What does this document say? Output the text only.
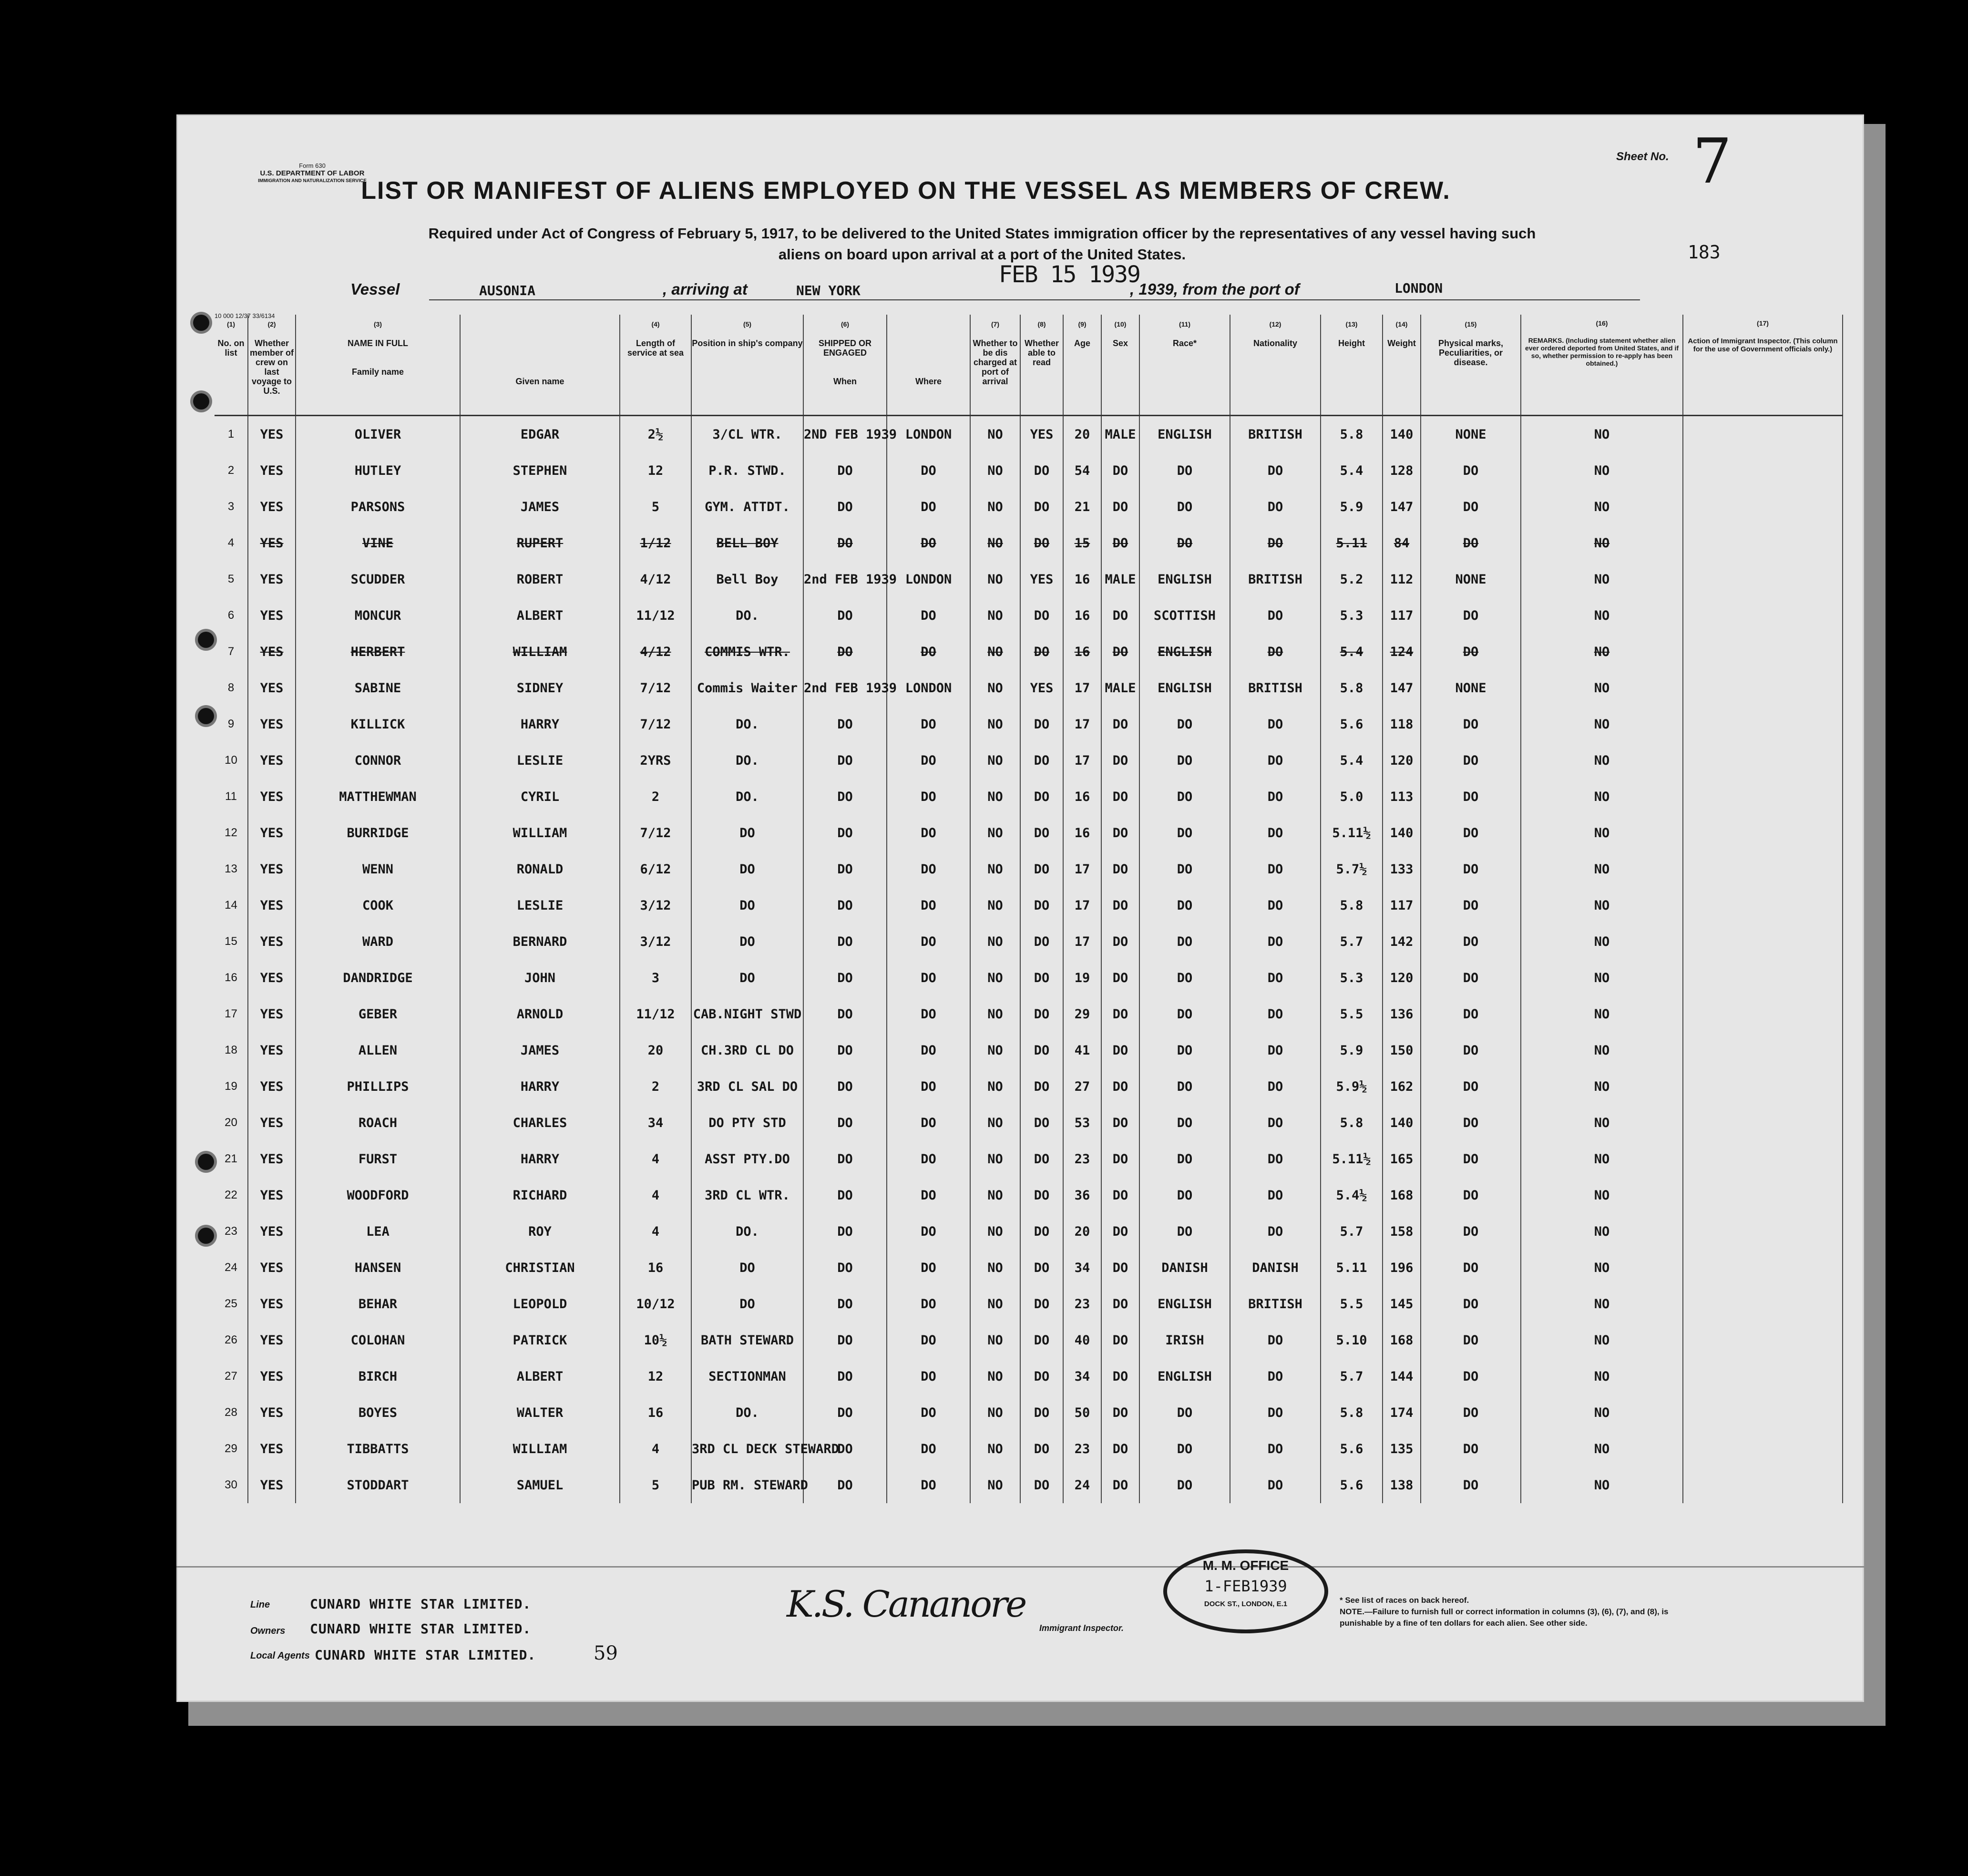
Form 630
U.S. DEPARTMENT OF LABOR
IMMIGRATION AND NATURALIZATION SERVICE
LIST OR MANIFEST OF ALIENS EMPLOYED ON THE VESSEL AS MEMBERS OF CREW.
Required under Act of Congress of February 5, 1917, to be delivered to the United States immigration officer by the representatives of any vessel having such
aliens on board upon arrival at a port of the United States.
Sheet No. 7
183
FEB 15 1939
Vessel	AUSONIA	, arriving at	NEW YORK	, 1939, from the port of	LONDON
10 000 12/37 33/6134
(1)
No. on list	(2)
Whether member of crew on last voyage to U.S.	(3)
NAME IN FULL

Family name	Given name	(4)
Length of service at sea	(5)
Position in ship's company	(6)
SHIPPED OR ENGAGED

When	Where	(7)
Whether to be dis charged at port of arrival	(8)
Whether able to read	(9)
Age	(10)
Sex	(11)
Race*	(12)
Nationality	(13)
Height	(14)
Weight	(15)
Physical marks, Peculiarities, or disease.	(16)
REMARKS. (Including statement whether alien ever ordered deported from United States, and if so, whether permission to re-apply has been obtained.)	(17)
Action of Immigrant Inspector. (This column for the use of Government officials only.)
1	YES	OLIVER	EDGAR	2½	3/CL WTR.	2ND FEB 1939	LONDON	NO	YES	20	MALE	ENGLISH	BRITISH	5.8	140	NONE	NO	
2	YES	HUTLEY	STEPHEN	12	P.R. STWD.	DO	DO	NO	DO	54	DO	DO	DO	5.4	128	DO	NO	
3	YES	PARSONS	JAMES	5	GYM. ATTDT.	DO	DO	NO	DO	21	DO	DO	DO	5.9	147	DO	NO	
4	YES	VINE	RUPERT	1/12	BELL BOY	DO	DO	NO	DO	15	DO	DO	DO	5.11	84	DO	NO	
5	YES	SCUDDER	ROBERT	4/12	Bell Boy	2nd FEB 1939	LONDON	NO	YES	16	MALE	ENGLISH	BRITISH	5.2	112	NONE	NO	
6	YES	MONCUR	ALBERT	11/12	DO.	DO	DO	NO	DO	16	DO	SCOTTISH	DO	5.3	117	DO	NO	
7	YES	HERBERT	WILLIAM	4/12	COMMIS WTR.	DO	DO	NO	DO	16	DO	ENGLISH	DO	5.4	124	DO	NO	
8	YES	SABINE	SIDNEY	7/12	Commis Waiter	2nd FEB 1939	LONDON	NO	YES	17	MALE	ENGLISH	BRITISH	5.8	147	NONE	NO	
9	YES	KILLICK	HARRY	7/12	DO.	DO	DO	NO	DO	17	DO	DO	DO	5.6	118	DO	NO	
10	YES	CONNOR	LESLIE	2YRS	DO.	DO	DO	NO	DO	17	DO	DO	DO	5.4	120	DO	NO	
11	YES	MATTHEWMAN	CYRIL	2	DO.	DO	DO	NO	DO	16	DO	DO	DO	5.0	113	DO	NO	
12	YES	BURRIDGE	WILLIAM	7/12	DO	DO	DO	NO	DO	16	DO	DO	DO	5.11½	140	DO	NO	
13	YES	WENN	RONALD	6/12	DO	DO	DO	NO	DO	17	DO	DO	DO	5.7½	133	DO	NO	
14	YES	COOK	LESLIE	3/12	DO	DO	DO	NO	DO	17	DO	DO	DO	5.8	117	DO	NO	
15	YES	WARD	BERNARD	3/12	DO	DO	DO	NO	DO	17	DO	DO	DO	5.7	142	DO	NO	
16	YES	DANDRIDGE	JOHN	3	DO	DO	DO	NO	DO	19	DO	DO	DO	5.3	120	DO	NO	
17	YES	GEBER	ARNOLD	11/12	CAB.NIGHT STWD	DO	DO	NO	DO	29	DO	DO	DO	5.5	136	DO	NO	
18	YES	ALLEN	JAMES	20	CH.3RD CL DO	DO	DO	NO	DO	41	DO	DO	DO	5.9	150	DO	NO	
19	YES	PHILLIPS	HARRY	2	3RD CL SAL DO	DO	DO	NO	DO	27	DO	DO	DO	5.9½	162	DO	NO	
20	YES	ROACH	CHARLES	34	DO PTY STD	DO	DO	NO	DO	53	DO	DO	DO	5.8	140	DO	NO	
21	YES	FURST	HARRY	4	ASST PTY.DO	DO	DO	NO	DO	23	DO	DO	DO	5.11½	165	DO	NO	
22	YES	WOODFORD	RICHARD	4	3RD CL WTR.	DO	DO	NO	DO	36	DO	DO	DO	5.4½	168	DO	NO	
23	YES	LEA	ROY	4	DO.	DO	DO	NO	DO	20	DO	DO	DO	5.7	158	DO	NO	
24	YES	HANSEN	CHRISTIAN	16	DO	DO	DO	NO	DO	34	DO	DANISH	DANISH	5.11	196	DO	NO	
25	YES	BEHAR	LEOPOLD	10/12	DO	DO	DO	NO	DO	23	DO	ENGLISH	BRITISH	5.5	145	DO	NO	
26	YES	COLOHAN	PATRICK	10½	BATH STEWARD	DO	DO	NO	DO	40	DO	IRISH	DO	5.10	168	DO	NO	
27	YES	BIRCH	ALBERT	12	SECTIONMAN	DO	DO	NO	DO	34	DO	ENGLISH	DO	5.7	144	DO	NO	
28	YES	BOYES	WALTER	16	DO.	DO	DO	NO	DO	50	DO	DO	DO	5.8	174	DO	NO	
29	YES	TIBBATTS	WILLIAM	4	3RD CL DECK STEWARD	DO	DO	NO	DO	23	DO	DO	DO	5.6	135	DO	NO	
30	YES	STODDART	SAMUEL	5	PUB RM. STEWARD	DO	DO	NO	DO	24	DO	DO	DO	5.6	138	DO	NO	
Line	CUNARD WHITE STAR LIMITED.
Owners CUNARD WHITE STAR LIMITED.
Local Agents CUNARD WHITE STAR LIMITED.	59
K.S. Cananore
Immigrant Inspector.
M. M. OFFICE
1-FEB1939
DOCK ST., LONDON, E.1	* See list of races on back hereof.
NOTE.—Failure to furnish full or correct information in columns (3), (6), (7), and (8), is punishable by a fine of ten dollars for each alien. See other side.
